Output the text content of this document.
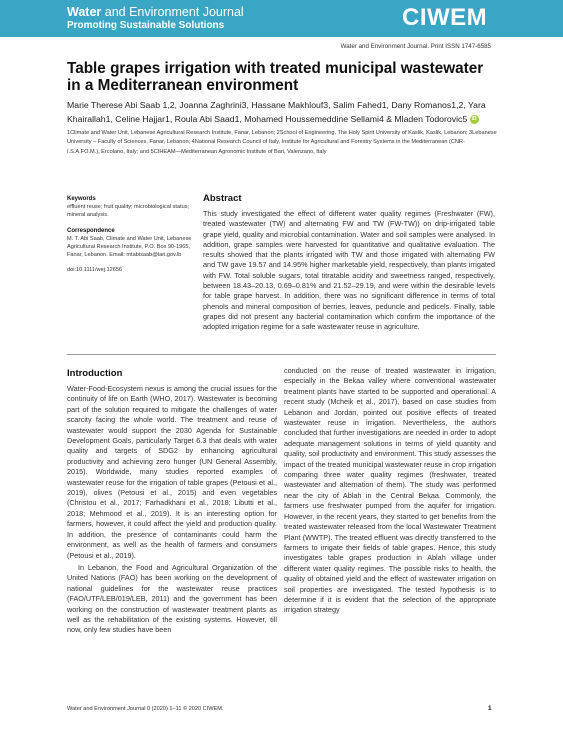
Water and Environment Journal
Promoting Sustainable Solutions	CIWEM
Water and Environment Journal. Print ISSN 1747-6585
Table grapes irrigation with treated municipal wastewater in a Mediterranean environment
Marie Therese Abi Saab 1,2, Joanna Zaghrini3, Hassane Makhlouf3, Salim Fahed1, Dany Romanos1,2, Yara Khairallah1, Celine Hajjar1, Roula Abi Saad1, Mohamed Houssemeddine Sellami4 & Mladen Todorovic5 iD
1Climate and Water Unit, Lebanese Agricultural Research Institute, Fanar, Lebanon; 2School of Engineering, The Holy Spirit University of Kaslik, Kaslik, Lebanon; 3Lebanese University – Faculty of Sciences, Fanar, Lebanon; 4National Research Council of Italy, Institute for Agricultural and Forestry Systems in the Mediterranean (CNR-I.S.A.FO.M.), Ercolano, Italy; and 5CIHEAM—Mediterranean Agronomic Institute of Bari, Valenzano, Italy
Keywords
effluent reuse; fruit quality; microbiological status; mineral analysis.
Correspondence
M. T. Abi Saab, Climate and Water Unit, Lebanese Agricultural Research Institute, P.O. Box 90-1965, Fanar, Lebanon. Email: mtabisaab@lari.gov.lb
doi:10.1111/wej.12656
Abstract
This study investigated the effect of different water quality regimes (Freshwater (FW), treated wastewater (TW) and alternating FW and TW (FW-TW)) on drip-irrigated table grape yield, quality and microbial contamination. Water and soil samples were analysed. In addition, grape samples were harvested for quantitative and qualitative evaluation. The results showed that the plants irrigated with TW and those irrigated with alternating FW and TW gave 19.57 and 14.95% higher marketable yield, respectively, than plants irrigated with FW. Total soluble sugars, total titratable acidity and sweetness ranged, respectively, between 18.43–20.13, 0.69–0.81% and 21.52–29.19, and were within the desirable levels for table grape harvest. In addition, there was no significant difference in terms of total phenols and mineral composition of berries, leaves, peduncle and pedicels. Finally, table grapes did not present any bacterial contamination which confirm the importance of the adopted irrigation regime for a safe wastewater reuse in agriculture.
Introduction

Water-Food-Ecosystem nexus is among the crucial issues for the continuity of life on Earth (WHO, 2017). Wastewater is becoming part of the solution required to mitigate the challenges of water scarcity facing the whole world. The treatment and reuse of wastewater would support the 2030 Agenda for Sustainable Development Goals, particularly Target 6.3 that deals with water quality and targets of SDG2 by enhancing agricultural productivity and achieving zero hunger (UN General Assembly, 2015). Worldwide, many studies reported examples of wastewater reuse for the irrigation of table grapes (Petousi et al., 2019), olives (Petousi et al., 2015) and even vegetables (Christou et al., 2017; Farhadkhani et al., 2018; Libutti et al., 2018; Mehmood et al., 2019). It is an interesting option for farmers, however, it could affect the yield and production quality. In addition, the presence of contaminants could harm the environment, as well as the health of farmers and consumers (Petousi et al., 2019).

In Lebanon, the Food and Agricultural Organization of the United Nations (FAO) has been working on the development of national guidelines for the wastewater reuse practices (FAO/UTF/LEB/019/LEB, 2011) and the government has been working on the construction of wastewater treatment plants as well as the rehabilitation of the existing systems. However, till now, only few studies have been

conducted on the reuse of treated wastewater in irrigation, especially in the Bekaa valley where conventional wastewater treatment plants have started to be supported and operational. A recent study (Mcheik et al., 2017), based on case studies from Lebanon and Jordan, pointed out positive effects of treated wastewater reuse in irrigation. Nevertheless, the authors concluded that further investigations are needed in order to adopt adequate management solutions in terms of yield quantity and quality, soil productivity and environment. This study assesses the impact of the treated municipal wastewater reuse in crop irrigation comparing three water quality regimes (freshwater, treated wastewater and alternation of them). The study was performed near the city of Ablah in the Central Bekaa. Commonly, the farmers use freshwater pumped from the aquifer for irrigation. However, in the recent years, they started to get benefits from the treated wastewater released from the local Wastewater Treatment Plant (WWTP). The treated effluent was directly transferred to the farmers to irrigate their fields of table grapes. Hence, this study investigates table grapes production in Ablah village under different water quality regimes. The possible risks to health, the quality of obtained yield and the effect of wastewater irrigation on soil properties are investigated. The tested hypothesis is to determine if it is evident that the selection of the appropriate irrigation strategy

Water and Environment Journal 0 (2020) 1–11 © 2020 CIWEM.	1
